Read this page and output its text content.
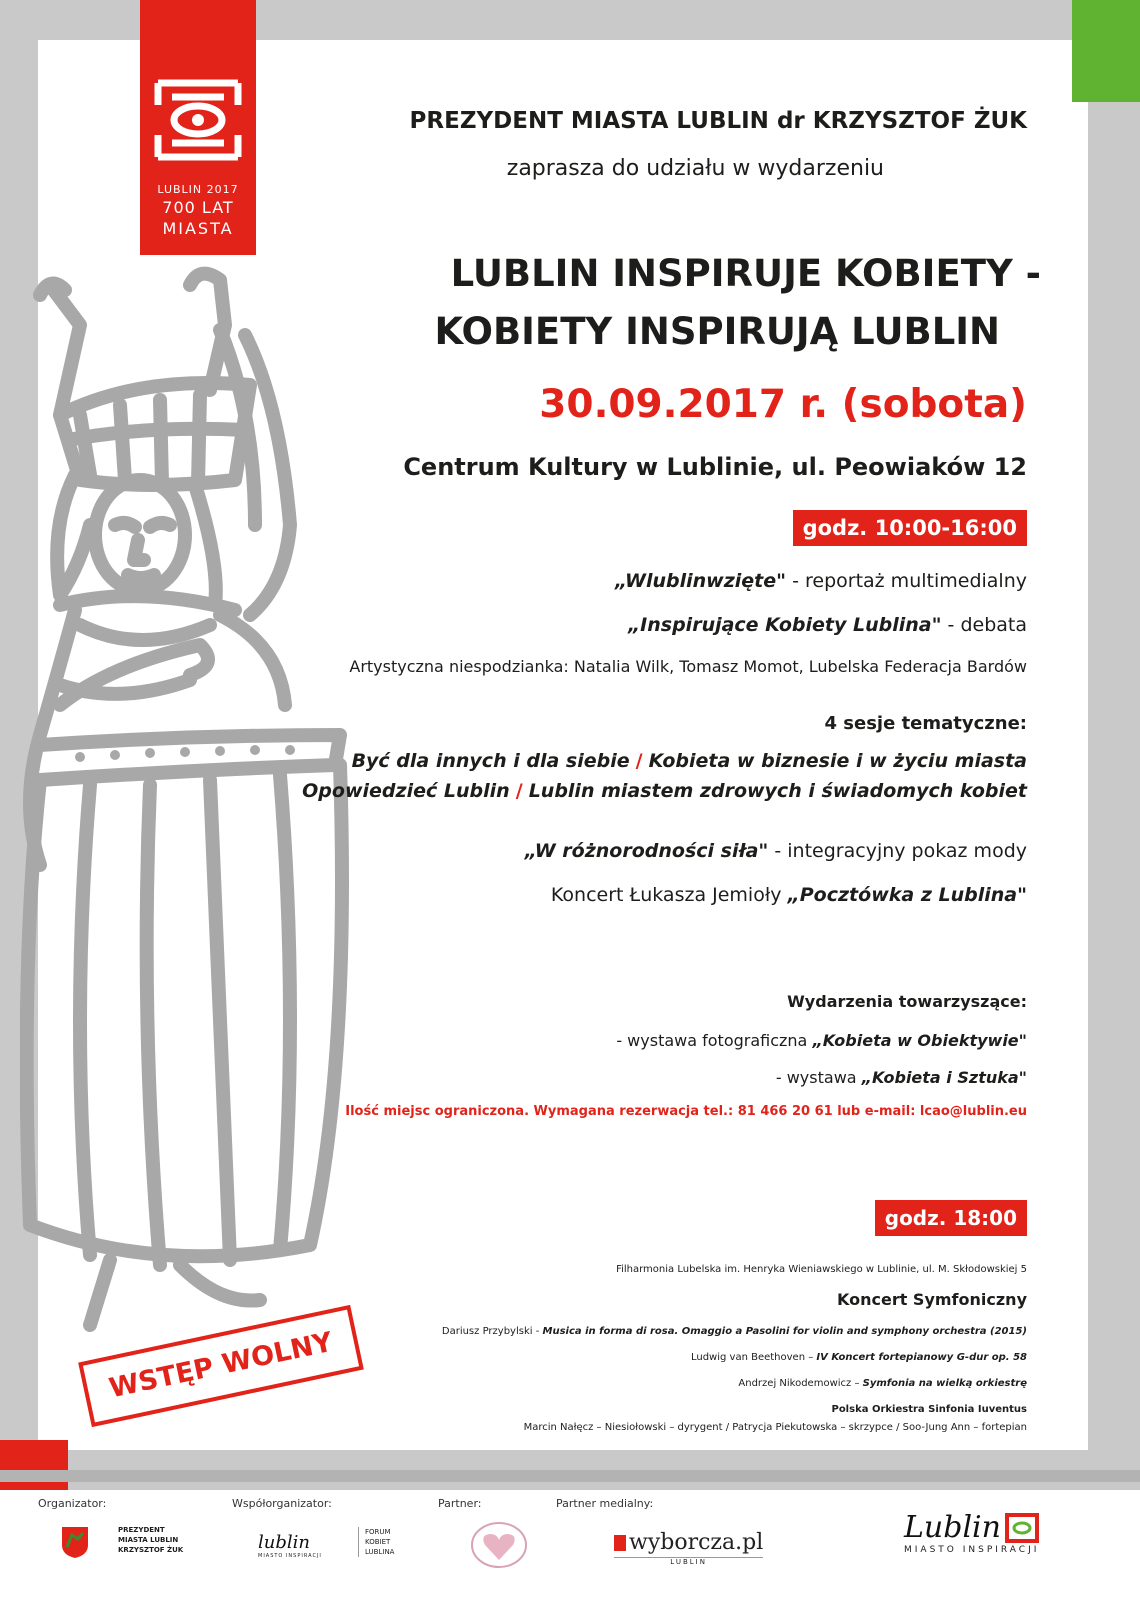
LUBLIN 2017
700 LAT
MIASTA
PREZYDENT MIASTA LUBLIN dr KRZYSZTOF ŻUK
zaprasza do udziału w wydarzeniu
LUBLIN INSPIRUJE KOBIETY -
KOBIETY INSPIRUJĄ LUBLIN
30.09.2017 r. (sobota)
Centrum Kultury w Lublinie, ul. Peowiaków 12
godz. 10:00-16:00
„Wlublinwzięte" - reportaż multimedialny
„Inspirujące Kobiety Lublina" - debata
Artystyczna niespodzianka: Natalia Wilk, Tomasz Momot, Lubelska Federacja Bardów
4 sesje tematyczne:
Być dla innych i dla siebie / Kobieta w biznesie i w życiu miasta
Opowiedzieć Lublin / Lublin miastem zdrowych i świadomych kobiet
„W różnorodności siła" - integracyjny pokaz mody
Koncert Łukasza Jemioły „Pocztówka z Lublina"
Wydarzenia towarzyszące:
- wystawa fotograficzna „Kobieta w Obiektywie"
- wystawa „Kobieta i Sztuka"
Ilość miejsc ograniczona. Wymagana rezerwacja tel.: 81 466 20 61 lub e-mail: lcao@lublin.eu
godz. 18:00
Filharmonia Lubelska im. Henryka Wieniawskiego w Lublinie, ul. M. Skłodowskiej 5
Koncert Symfoniczny
Dariusz Przybylski - Musica in forma di rosa. Omaggio a Pasolini for violin and symphony orchestra (2015)
Ludwig van Beethoven – IV Koncert fortepianowy G-dur op. 58
Andrzej Nikodemowicz – Symfonia na wielką orkiestrę
Polska Orkiestra Sinfonia Iuventus
Marcin Nałęcz – Niesiołowski – dyrygent / Patrycja Piekutowska – skrzypce / Soo-Jung Ann – fortepian
WSTĘP WOLNY
Organizator:
PREZYDENT
MIASTA LUBLIN
KRZYSZTOF ŻUK
Współorganizator:
lublin
MIASTO INSPIRACJI
FORUM
KOBIET
LUBLINA
Partner:	Partner medialny:
wyborcza.pl
LUBLIN
Lublin
MIASTO INSPIRACJI
